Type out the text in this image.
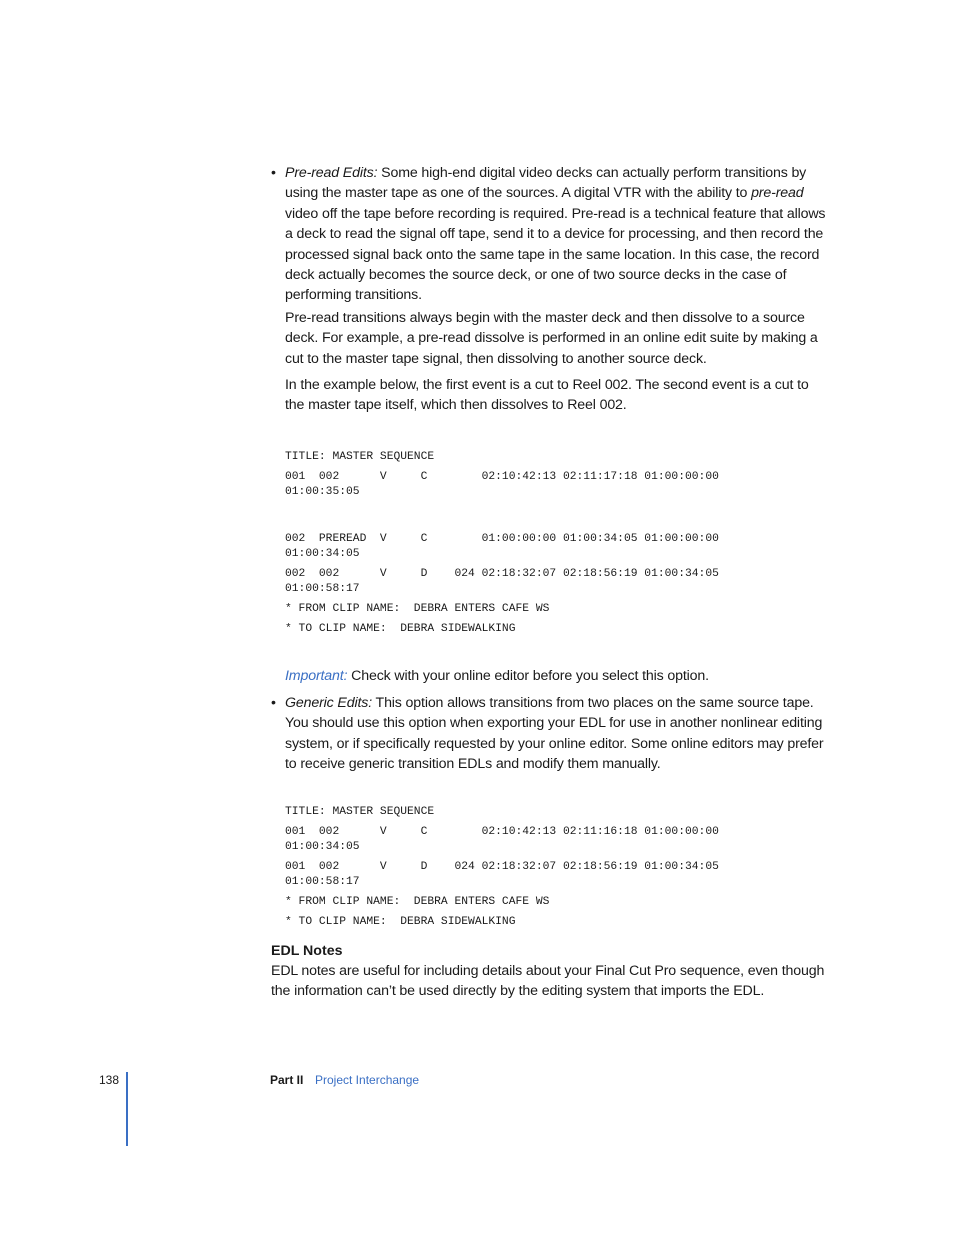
• Pre-read Edits: Some high-end digital video decks can actually perform transitions by using the master tape as one of the sources. A digital VTR with the ability to pre-read video off the tape before recording is required. Pre-read is a technical feature that allows a deck to read the signal off tape, send it to a device for processing, and then record the processed signal back onto the same tape in the same location. In this case, the record deck actually becomes the source deck, or one of two source decks in the case of performing transitions.
Pre-read transitions always begin with the master deck and then dissolve to a source deck. For example, a pre-read dissolve is performed in an online edit suite by making a cut to the master tape signal, then dissolving to another source deck.
In the example below, the first event is a cut to Reel 002. The second event is a cut to the master tape itself, which then dissolves to Reel 002.
TITLE: MASTER SEQUENCE
001  002      V     C        02:10:42:13 02:11:17:18 01:00:00:00
01:00:35:05
002  PREREAD  V     C        01:00:00:00 01:00:34:05 01:00:00:00
01:00:34:05
002  002      V     D    024 02:18:32:07 02:18:56:19 01:00:34:05
01:00:58:17
* FROM CLIP NAME:  DEBRA ENTERS CAFE WS
* TO CLIP NAME:  DEBRA SIDEWALKING
Important: Check with your online editor before you select this option.
• Generic Edits: This option allows transitions from two places on the same source tape. You should use this option when exporting your EDL for use in another nonlinear editing system, or if specifically requested by your online editor. Some online editors may prefer to receive generic transition EDLs and modify them manually.
TITLE: MASTER SEQUENCE
001  002      V     C        02:10:42:13 02:11:16:18 01:00:00:00
01:00:34:05
001  002      V     D    024 02:18:32:07 02:18:56:19 01:00:34:05
01:00:58:17
* FROM CLIP NAME:  DEBRA ENTERS CAFE WS
* TO CLIP NAME:  DEBRA SIDEWALKING
EDL Notes
EDL notes are useful for including details about your Final Cut Pro sequence, even though the information can’t be used directly by the editing system that imports the EDL.
138	Part II Project Interchange
